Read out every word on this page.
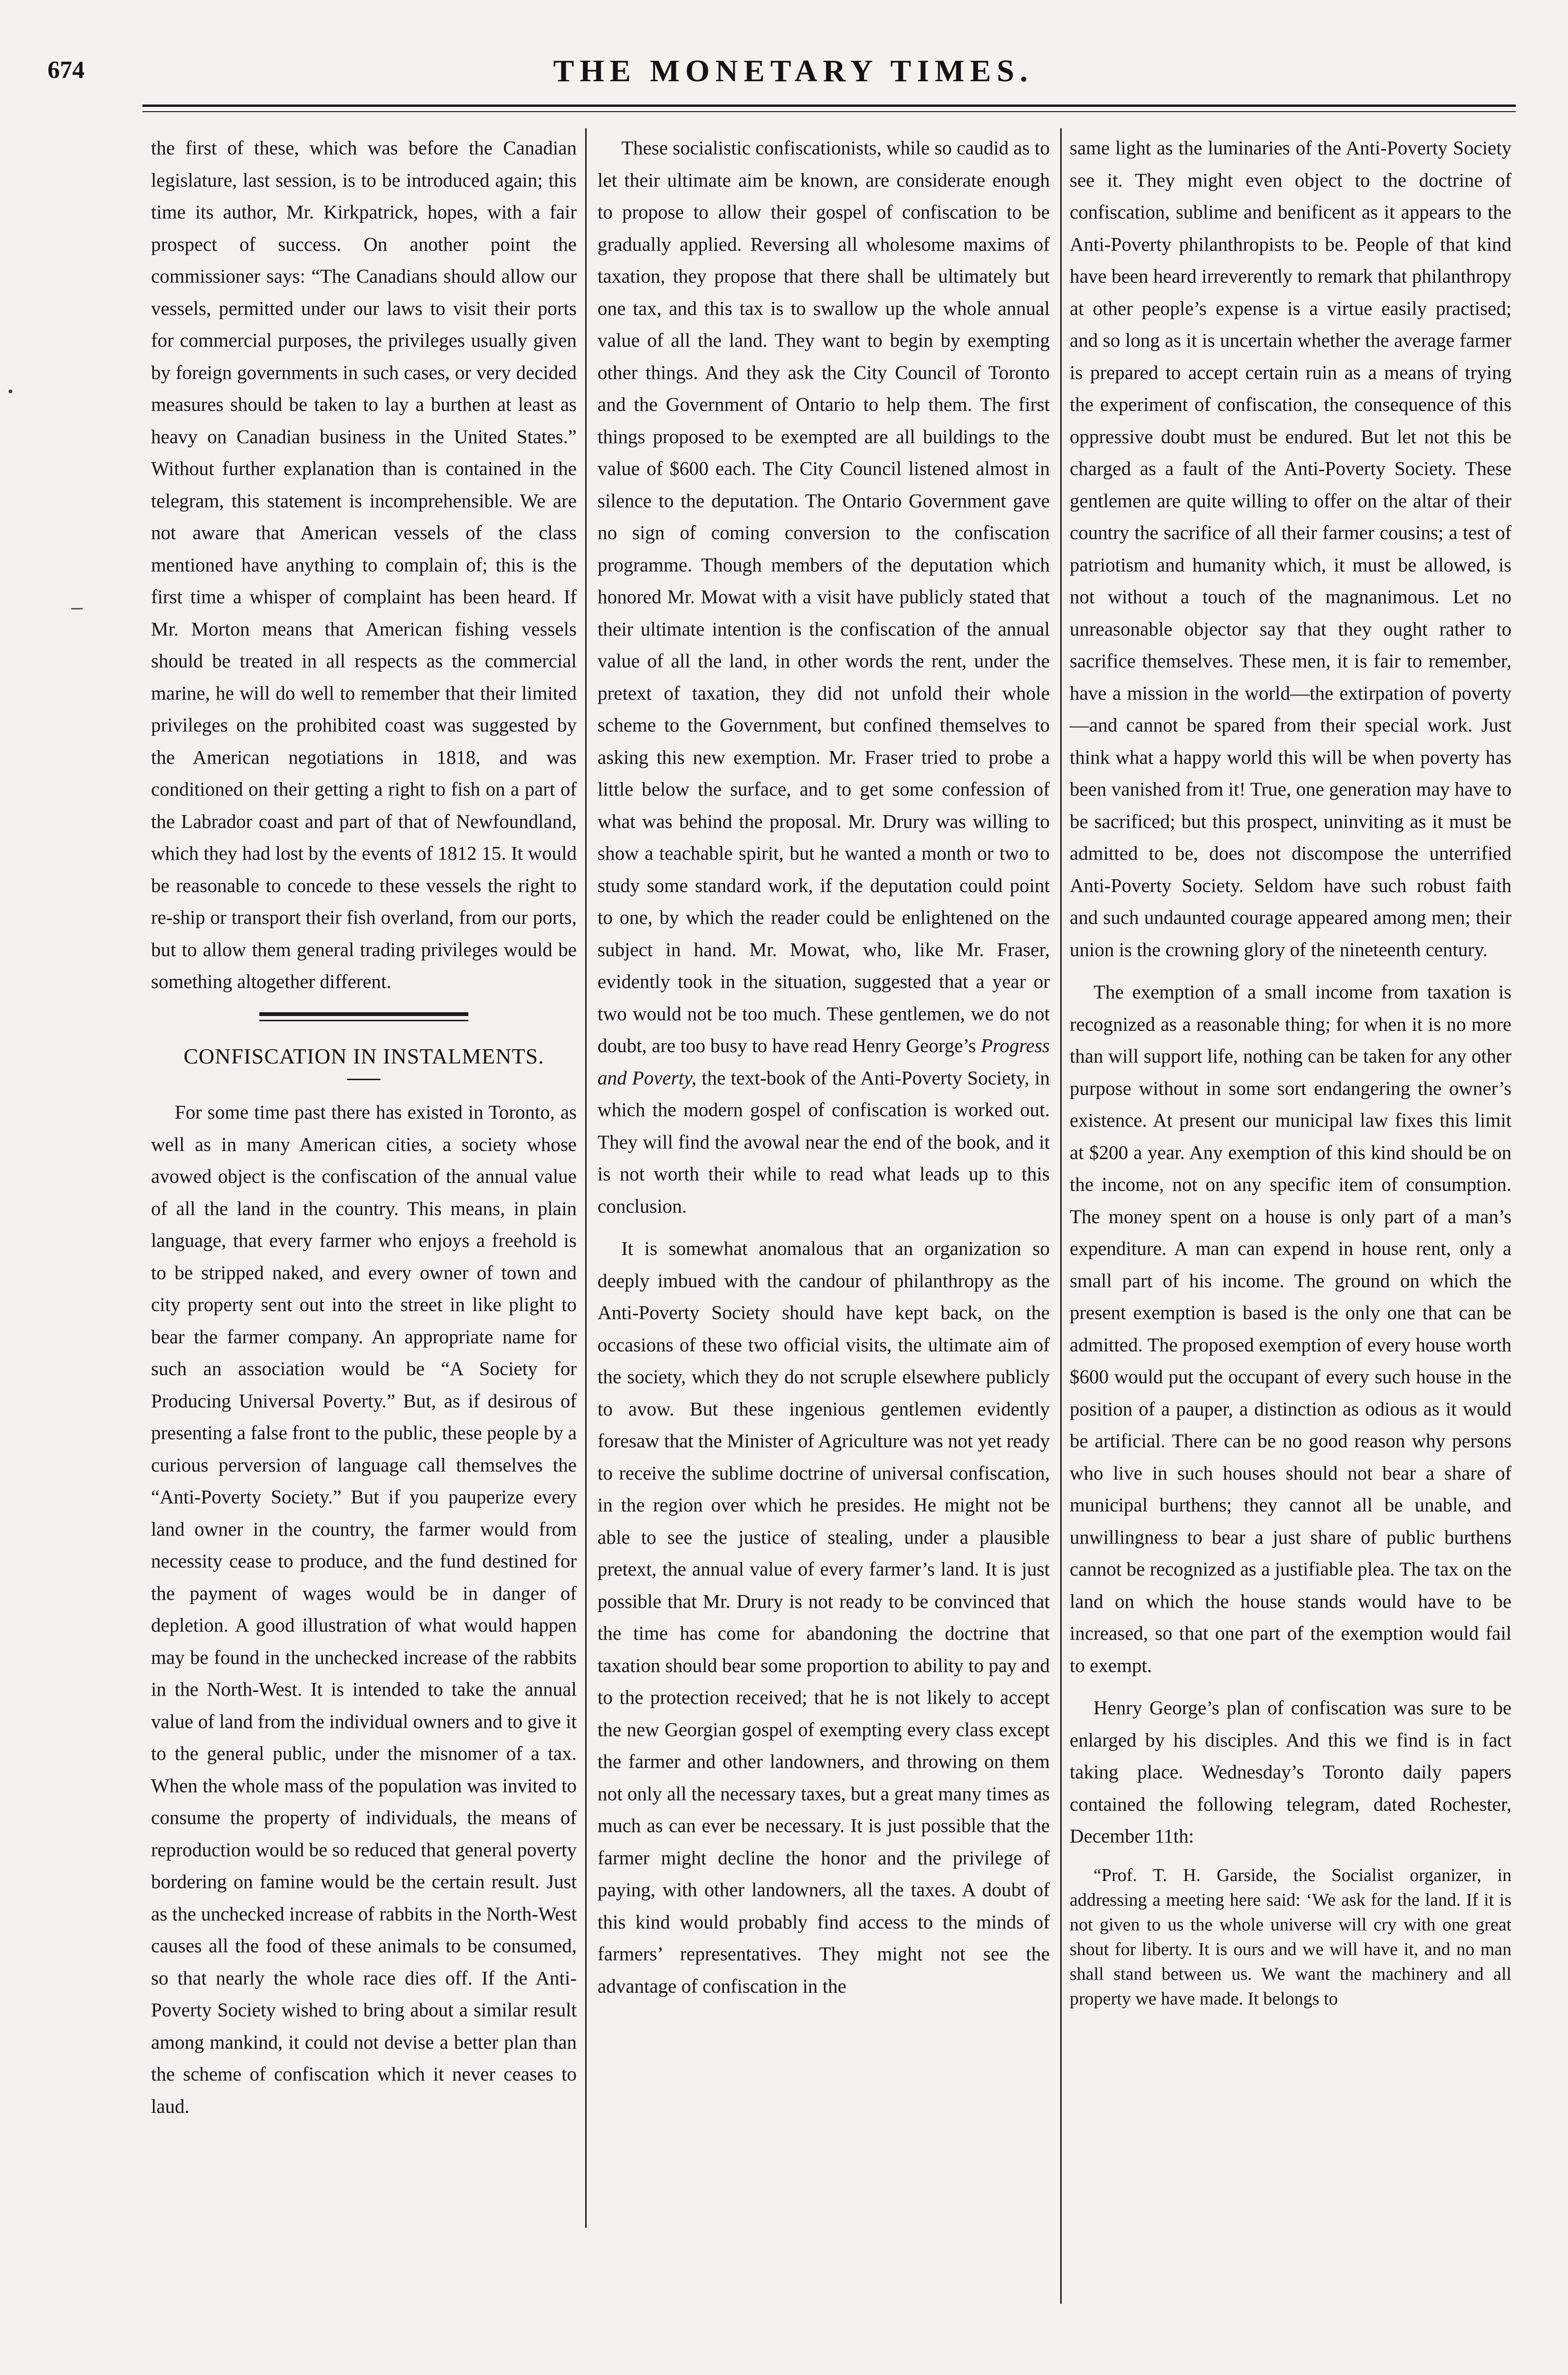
674	THE MONETARY TIMES.

the first of these, which was before the Canadian legislature, last session, is to be introduced again; this time its author, Mr. Kirkpatrick, hopes, with a fair prospect of success. On another point the commissioner says: “The Canadians should allow our vessels, permitted under our laws to visit their ports for commercial purposes, the privileges usually given by foreign governments in such cases, or very decided measures should be taken to lay a burthen at least as heavy on Canadian business in the United States.” Without further explanation than is contained in the telegram, this statement is incomprehensible. We are not aware that American vessels of the class mentioned have anything to complain of; this is the first time a whisper of complaint has been heard. If Mr. Morton means that American fishing vessels should be treated in all respects as the commercial marine, he will do well to remember that their limited privileges on the prohibited coast was suggested by the American negotiations in 1818, and was conditioned on their getting a right to fish on a part of the Labrador coast and part of that of Newfoundland, which they had lost by the events of 1812 15. It would be reasonable to concede to these vessels the right to re-ship or transport their fish overland, from our ports, but to allow them general trading privileges would be something altogether different.

CONFISCATION IN INSTALMENTS.

For some time past there has existed in Toronto, as well as in many American cities, a society whose avowed object is the confiscation of the annual value of all the land in the country. This means, in plain language, that every farmer who enjoys a freehold is to be stripped naked, and every owner of town and city property sent out into the street in like plight to bear the farmer company. An appropriate name for such an association would be “A Society for Producing Universal Poverty.” But, as if desirous of presenting a false front to the public, these people by a curious perversion of language call themselves the “Anti-Poverty Society.” But if you pauperize every land owner in the country, the farmer would from necessity cease to produce, and the fund destined for the payment of wages would be in danger of depletion. A good illustration of what would happen may be found in the unchecked increase of the rabbits in the North-West. It is intended to take the annual value of land from the individual owners and to give it to the general public, under the misnomer of a tax. When the whole mass of the population was invited to consume the property of individuals, the means of reproduction would be so reduced that general poverty bordering on famine would be the certain result. Just as the unchecked increase of rabbits in the North-West causes all the food of these animals to be consumed, so that nearly the whole race dies off. If the Anti-Poverty Society wished to bring about a similar result among mankind, it could not devise a better plan than the scheme of confiscation which it never ceases to laud.

These socialistic confiscationists, while so caudid as to let their ultimate aim be known, are considerate enough to propose to allow their gospel of confiscation to be gradually applied. Reversing all wholesome maxims of taxation, they propose that there shall be ultimately but one tax, and this tax is to swallow up the whole annual value of all the land. They want to begin by exempting other things. And they ask the City Council of Toronto and the Government of Ontario to help them. The first things proposed to be exempted are all buildings to the value of $600 each. The City Council listened almost in silence to the deputation. The Ontario Government gave no sign of coming conversion to the confiscation programme. Though members of the deputation which honored Mr. Mowat with a visit have publicly stated that their ultimate intention is the confiscation of the annual value of all the land, in other words the rent, under the pretext of taxation, they did not unfold their whole scheme to the Government, but confined themselves to asking this new exemption. Mr. Fraser tried to probe a little below the surface, and to get some confession of what was behind the proposal. Mr. Drury was willing to show a teachable spirit, but he wanted a month or two to study some standard work, if the deputation could point to one, by which the reader could be enlightened on the subject in hand. Mr. Mowat, who, like Mr. Fraser, evidently took in the situation, suggested that a year or two would not be too much. These gentlemen, we do not doubt, are too busy to have read Henry George’s Progress and Poverty, the text-book of the Anti-Poverty Society, in which the modern gospel of confiscation is worked out. They will find the avowal near the end of the book, and it is not worth their while to read what leads up to this conclusion.

It is somewhat anomalous that an organization so deeply imbued with the candour of philanthropy as the Anti-Poverty Society should have kept back, on the occasions of these two official visits, the ultimate aim of the society, which they do not scruple elsewhere publicly to avow. But these ingenious gentlemen evidently foresaw that the Minister of Agriculture was not yet ready to receive the sublime doctrine of universal confiscation, in the region over which he presides. He might not be able to see the justice of stealing, under a plausible pretext, the annual value of every farmer’s land. It is just possible that Mr. Drury is not ready to be convinced that the time has come for abandoning the doctrine that taxation should bear some proportion to ability to pay and to the protection received; that he is not likely to accept the new Georgian gospel of exempting every class except the farmer and other landowners, and throwing on them not only all the necessary taxes, but a great many times as much as can ever be necessary. It is just possible that the farmer might decline the honor and the privilege of paying, with other landowners, all the taxes. A doubt of this kind would probably find access to the minds of farmers’ representatives. They might not see the advantage of confiscation in the

same light as the luminaries of the Anti-Poverty Society see it. They might even object to the doctrine of confiscation, sublime and benificent as it appears to the Anti-Poverty philanthropists to be. People of that kind have been heard irreverently to remark that philanthropy at other people’s expense is a virtue easily practised; and so long as it is uncertain whether the average farmer is prepared to accept certain ruin as a means of trying the experiment of confiscation, the consequence of this oppressive doubt must be endured. But let not this be charged as a fault of the Anti-Poverty Society. These gentlemen are quite willing to offer on the altar of their country the sacrifice of all their farmer cousins; a test of patriotism and humanity which, it must be allowed, is not without a touch of the magnanimous. Let no unreasonable objector say that they ought rather to sacrifice themselves. These men, it is fair to remember, have a mission in the world—the extirpation of poverty—and cannot be spared from their special work. Just think what a happy world this will be when poverty has been vanished from it! True, one generation may have to be sacrificed; but this prospect, uninviting as it must be admitted to be, does not discompose the unterrified Anti-Poverty Society. Seldom have such robust faith and such undaunted courage appeared among men; their union is the crowning glory of the nineteenth century.

The exemption of a small income from taxation is recognized as a reasonable thing; for when it is no more than will support life, nothing can be taken for any other purpose without in some sort endangering the owner’s existence. At present our municipal law fixes this limit at $200 a year. Any exemption of this kind should be on the income, not on any specific item of consumption. The money spent on a house is only part of a man’s expenditure. A man can expend in house rent, only a small part of his income. The ground on which the present exemption is based is the only one that can be admitted. The proposed exemption of every house worth $600 would put the occupant of every such house in the position of a pauper, a distinction as odious as it would be artificial. There can be no good reason why persons who live in such houses should not bear a share of municipal burthens; they cannot all be unable, and unwillingness to bear a just share of public burthens cannot be recognized as a justifiable plea. The tax on the land on which the house stands would have to be increased, so that one part of the exemption would fail to exempt.

Henry George’s plan of confiscation was sure to be enlarged by his disciples. And this we find is in fact taking place. Wednesday’s Toronto daily papers contained the following telegram, dated Rochester, December 11th:

“Prof. T. H. Garside, the Socialist organizer, in addressing a meeting here said: ‘We ask for the land. If it is not given to us the whole universe will cry with one great shout for liberty. It is ours and we will have it, and no man shall stand between us. We want the machinery and all property we have made. It belongs to
